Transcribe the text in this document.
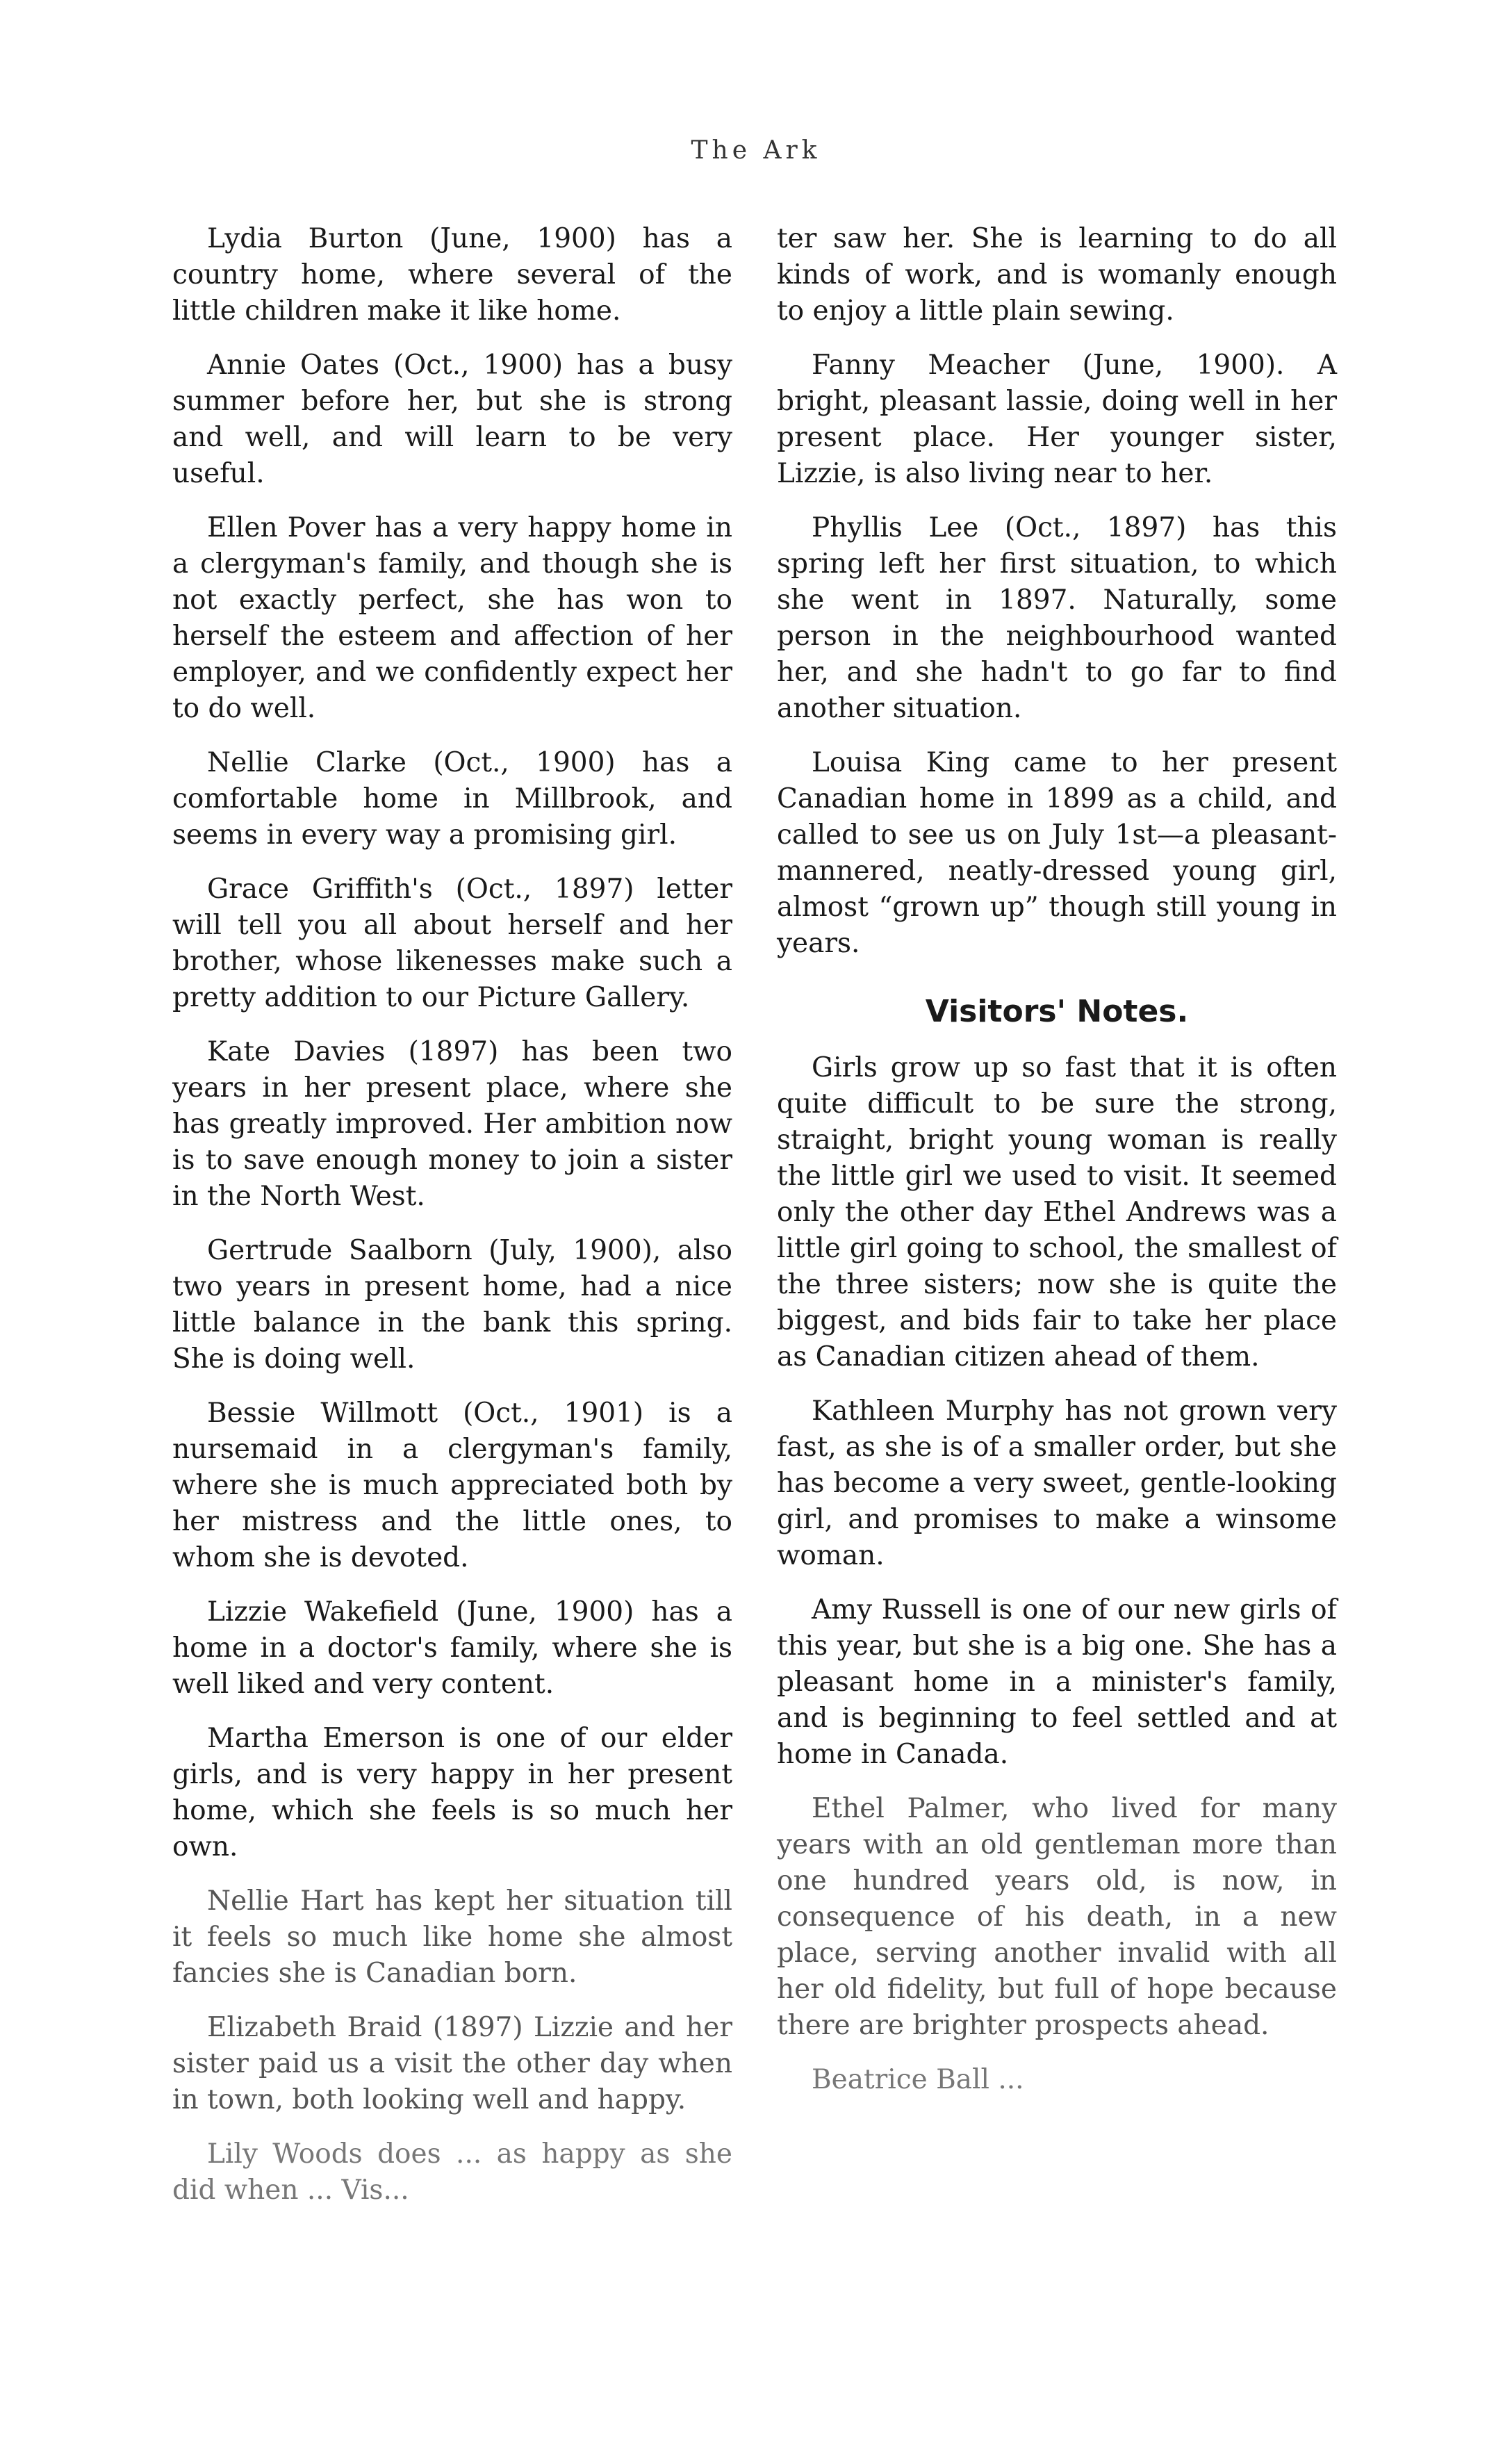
The Ark

Lydia Burton (June, 1900) has a country home, where several of the little children make it like home.

Annie Oates (Oct., 1900) has a busy summer before her, but she is strong and well, and will learn to be very useful.

Ellen Pover has a very happy home in a clergyman's family, and though she is not exactly perfect, she has won to herself the esteem and affection of her employer, and we confidently expect her to do well.

Nellie Clarke (Oct., 1900) has a comfortable home in Millbrook, and seems in every way a promising girl.

Grace Griffith's (Oct., 1897) letter will tell you all about herself and her brother, whose likenesses make such a pretty addition to our Picture Gallery.

Kate Davies (1897) has been two years in her present place, where she has greatly improved. Her ambition now is to save enough money to join a sister in the North West.

Gertrude Saalborn (July, 1900), also two years in present home, had a nice little balance in the bank this spring. She is doing well.

Bessie Willmott (Oct., 1901) is a nursemaid in a clergyman's family, where she is much appreciated both by her mistress and the little ones, to whom she is devoted.

Lizzie Wakefield (June, 1900) has a home in a doctor's family, where she is well liked and very content.

Martha Emerson is one of our elder girls, and is very happy in her present home, which she feels is so much her own.

Nellie Hart has kept her situation till it feels so much like home she almost fancies she is Canadian born.

Elizabeth Braid (1897) Lizzie and her sister paid us a visit the other day when in town, both looking well and happy.

Lily Woods does ... as happy as she did when ... Vis...

ter saw her. She is learning to do all kinds of work, and is womanly enough to enjoy a little plain sewing.

Fanny Meacher (June, 1900). A bright, pleasant lassie, doing well in her present place. Her younger sister, Lizzie, is also living near to her.

Phyllis Lee (Oct., 1897) has this spring left her first situation, to which she went in 1897. Naturally, some person in the neighbourhood wanted her, and she hadn't to go far to find another situation.

Louisa King came to her present Canadian home in 1899 as a child, and called to see us on July 1st—a pleasant-mannered, neatly-dressed young girl, almost “grown up” though still young in years.

Visitors' Notes.

Girls grow up so fast that it is often quite difficult to be sure the strong, straight, bright young woman is really the little girl we used to visit. It seemed only the other day Ethel Andrews was a little girl going to school, the smallest of the three sisters; now she is quite the biggest, and bids fair to take her place as Canadian citizen ahead of them.

Kathleen Murphy has not grown very fast, as she is of a smaller order, but she has become a very sweet, gentle-looking girl, and promises to make a winsome woman.

Amy Russell is one of our new girls of this year, but she is a big one. She has a pleasant home in a minister's family, and is beginning to feel settled and at home in Canada.

Ethel Palmer, who lived for many years with an old gentleman more than one hundred years old, is now, in consequence of his death, in a new place, serving another invalid with all her old fidelity, but full of hope because there are brighter prospects ahead.

Beatrice Ball ...
